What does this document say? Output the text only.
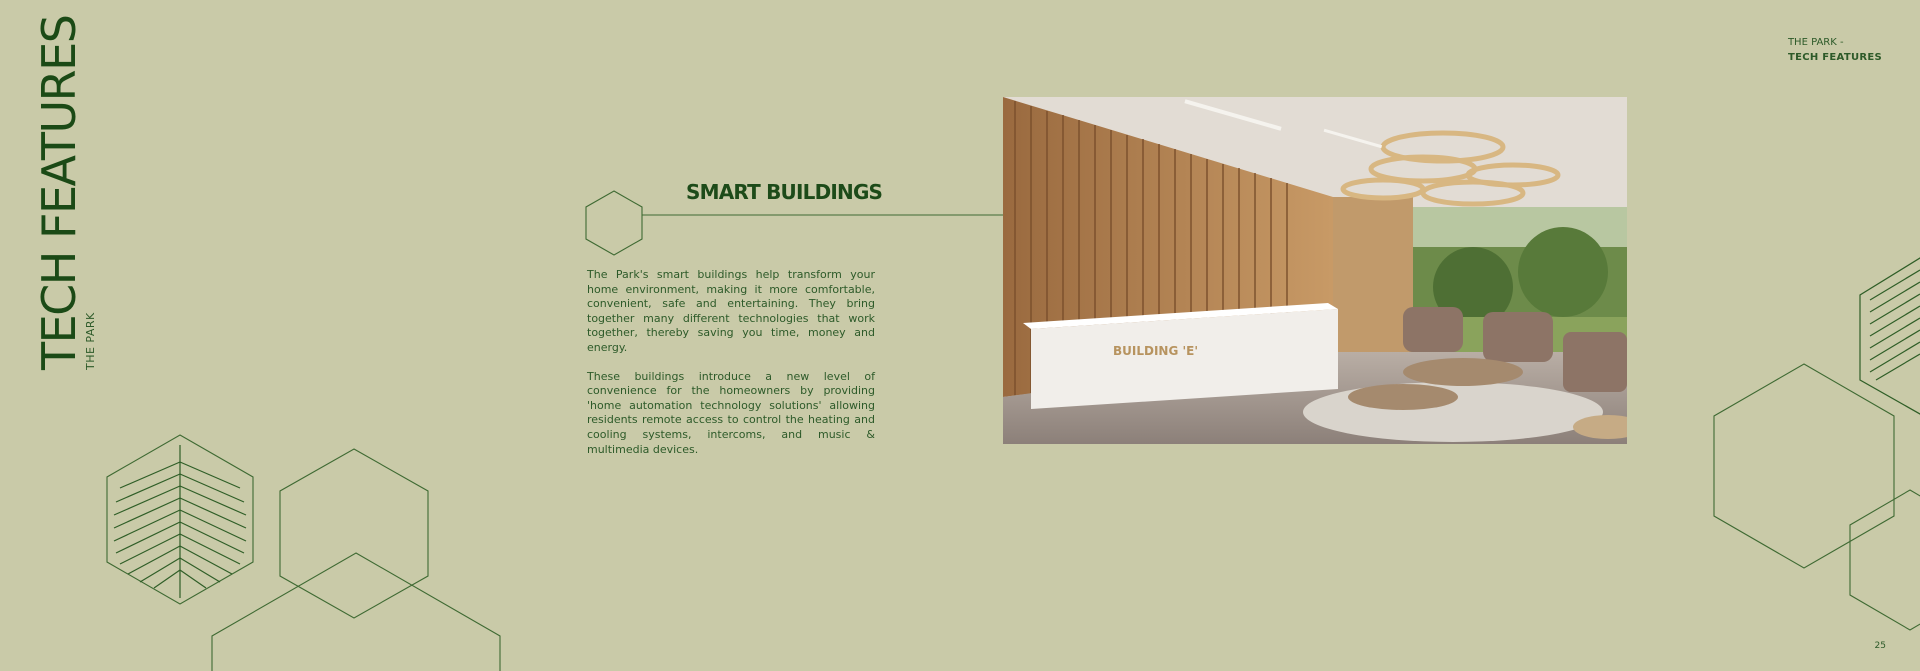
TECH FEATURES
THE PARK
THE PARK -
TECH FEATURES
SMART BUILDINGS

The Park's smart buildings help transform your home environment, making it more comfortable, convenient, safe and entertaining. They bring together many different technologies that work together, thereby saving you time, money and energy.

These buildings introduce a new level of convenience for the homeowners by providing 'home automation technology solutions' allowing residents remote access to control the heating and cooling systems, intercoms, and music & multimedia devices.

BUILDING 'E'
25
